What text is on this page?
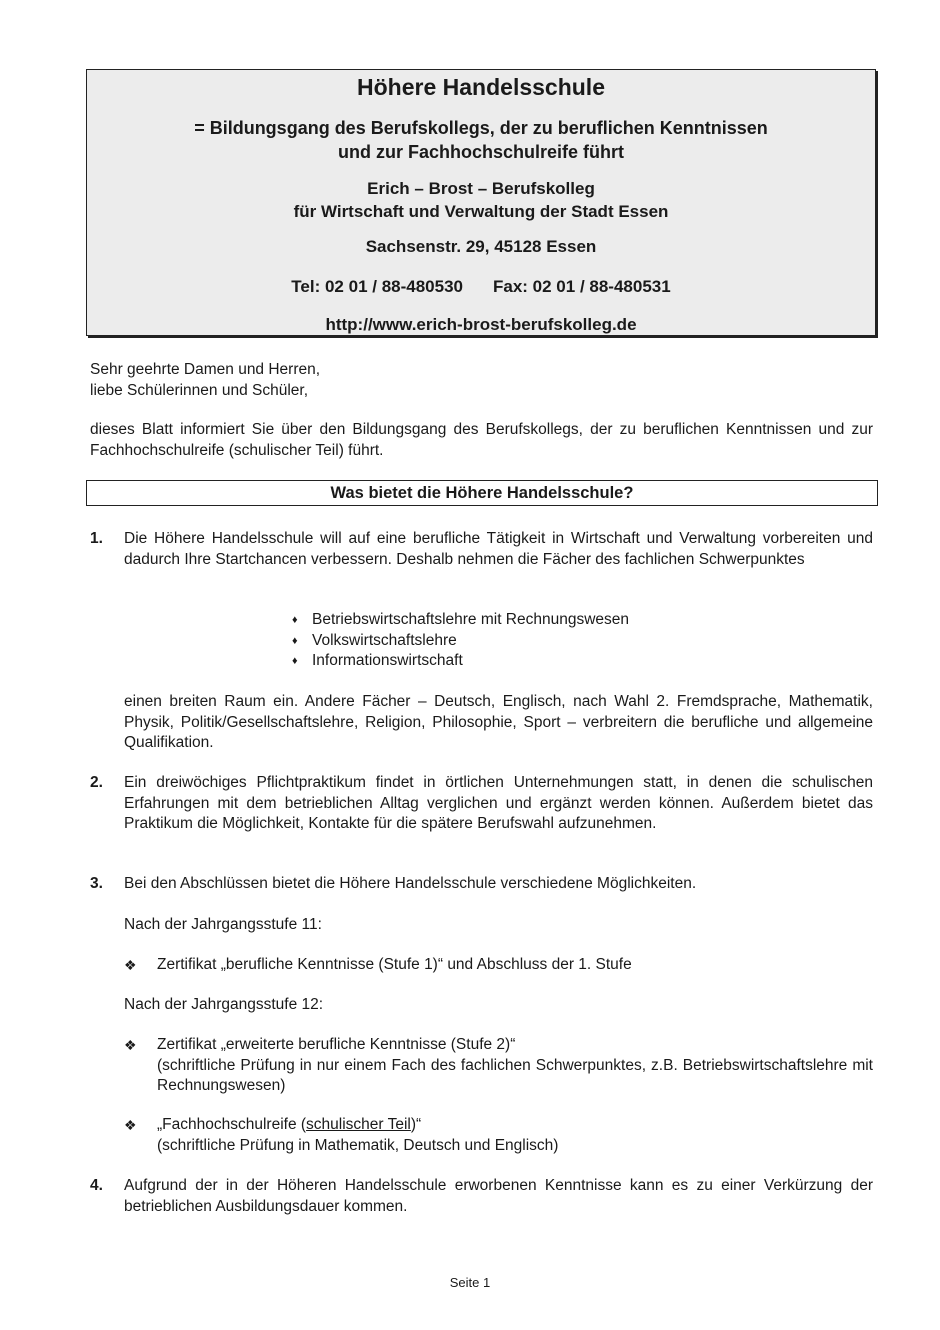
Höhere Handelsschule
= Bildungsgang des Berufskollegs, der zu beruflichen Kenntnissen
und zur Fachhochschulreife führt
Erich – Brost – Berufskolleg
für Wirtschaft und Verwaltung der Stadt Essen
Sachsenstr. 29, 45128 Essen
Tel: 02 01 / 88-480530 Fax: 02 01 / 88-480531
http://www.erich-brost-berufskolleg.de
Sehr geehrte Damen und Herren,
liebe Schülerinnen und Schüler,
dieses Blatt informiert Sie über den Bildungsgang des Berufskollegs, der zu beruflichen Kenntnissen und zur Fachhochschulreife (schulischer Teil) führt.
Was bietet die Höhere Handelsschule?
1. Die Höhere Handelsschule will auf eine berufliche Tätigkeit in Wirtschaft und Verwaltung vorbereiten und dadurch Ihre Startchancen verbessern. Deshalb nehmen die Fächer des fachlichen Schwerpunktes
♦ Betriebswirtschaftslehre mit Rechnungswesen
♦ Volkswirtschaftslehre
♦ Informationswirtschaft
einen breiten Raum ein. Andere Fächer – Deutsch, Englisch, nach Wahl 2. Fremdsprache, Mathematik, Physik, Politik/Gesellschaftslehre, Religion, Philosophie, Sport – verbreitern die berufliche und allgemeine Qualifikation.
2. Ein dreiwöchiges Pflichtpraktikum findet in örtlichen Unternehmungen statt, in denen die schulischen Erfahrungen mit dem betrieblichen Alltag verglichen und ergänzt werden können. Außerdem bietet das Praktikum die Möglichkeit, Kontakte für die spätere Berufswahl aufzunehmen.
3. Bei den Abschlüssen bietet die Höhere Handelsschule verschiedene Möglichkeiten.
Nach der Jahrgangsstufe 11:
❖ Zertifikat „berufliche Kenntnisse (Stufe 1)“ und Abschluss der 1. Stufe
Nach der Jahrgangsstufe 12:
❖ Zertifikat „erweiterte berufliche Kenntnisse (Stufe 2)“
(schriftliche Prüfung in nur einem Fach des fachlichen Schwerpunktes, z.B. Betriebswirtschaftslehre mit Rechnungswesen)
❖ „Fachhochschulreife (schulischer Teil)“
(schriftliche Prüfung in Mathematik, Deutsch und Englisch)
4. Aufgrund der in der Höheren Handelsschule erworbenen Kenntnisse kann es zu einer Verkürzung der betrieblichen Ausbildungsdauer kommen.
Seite 1
